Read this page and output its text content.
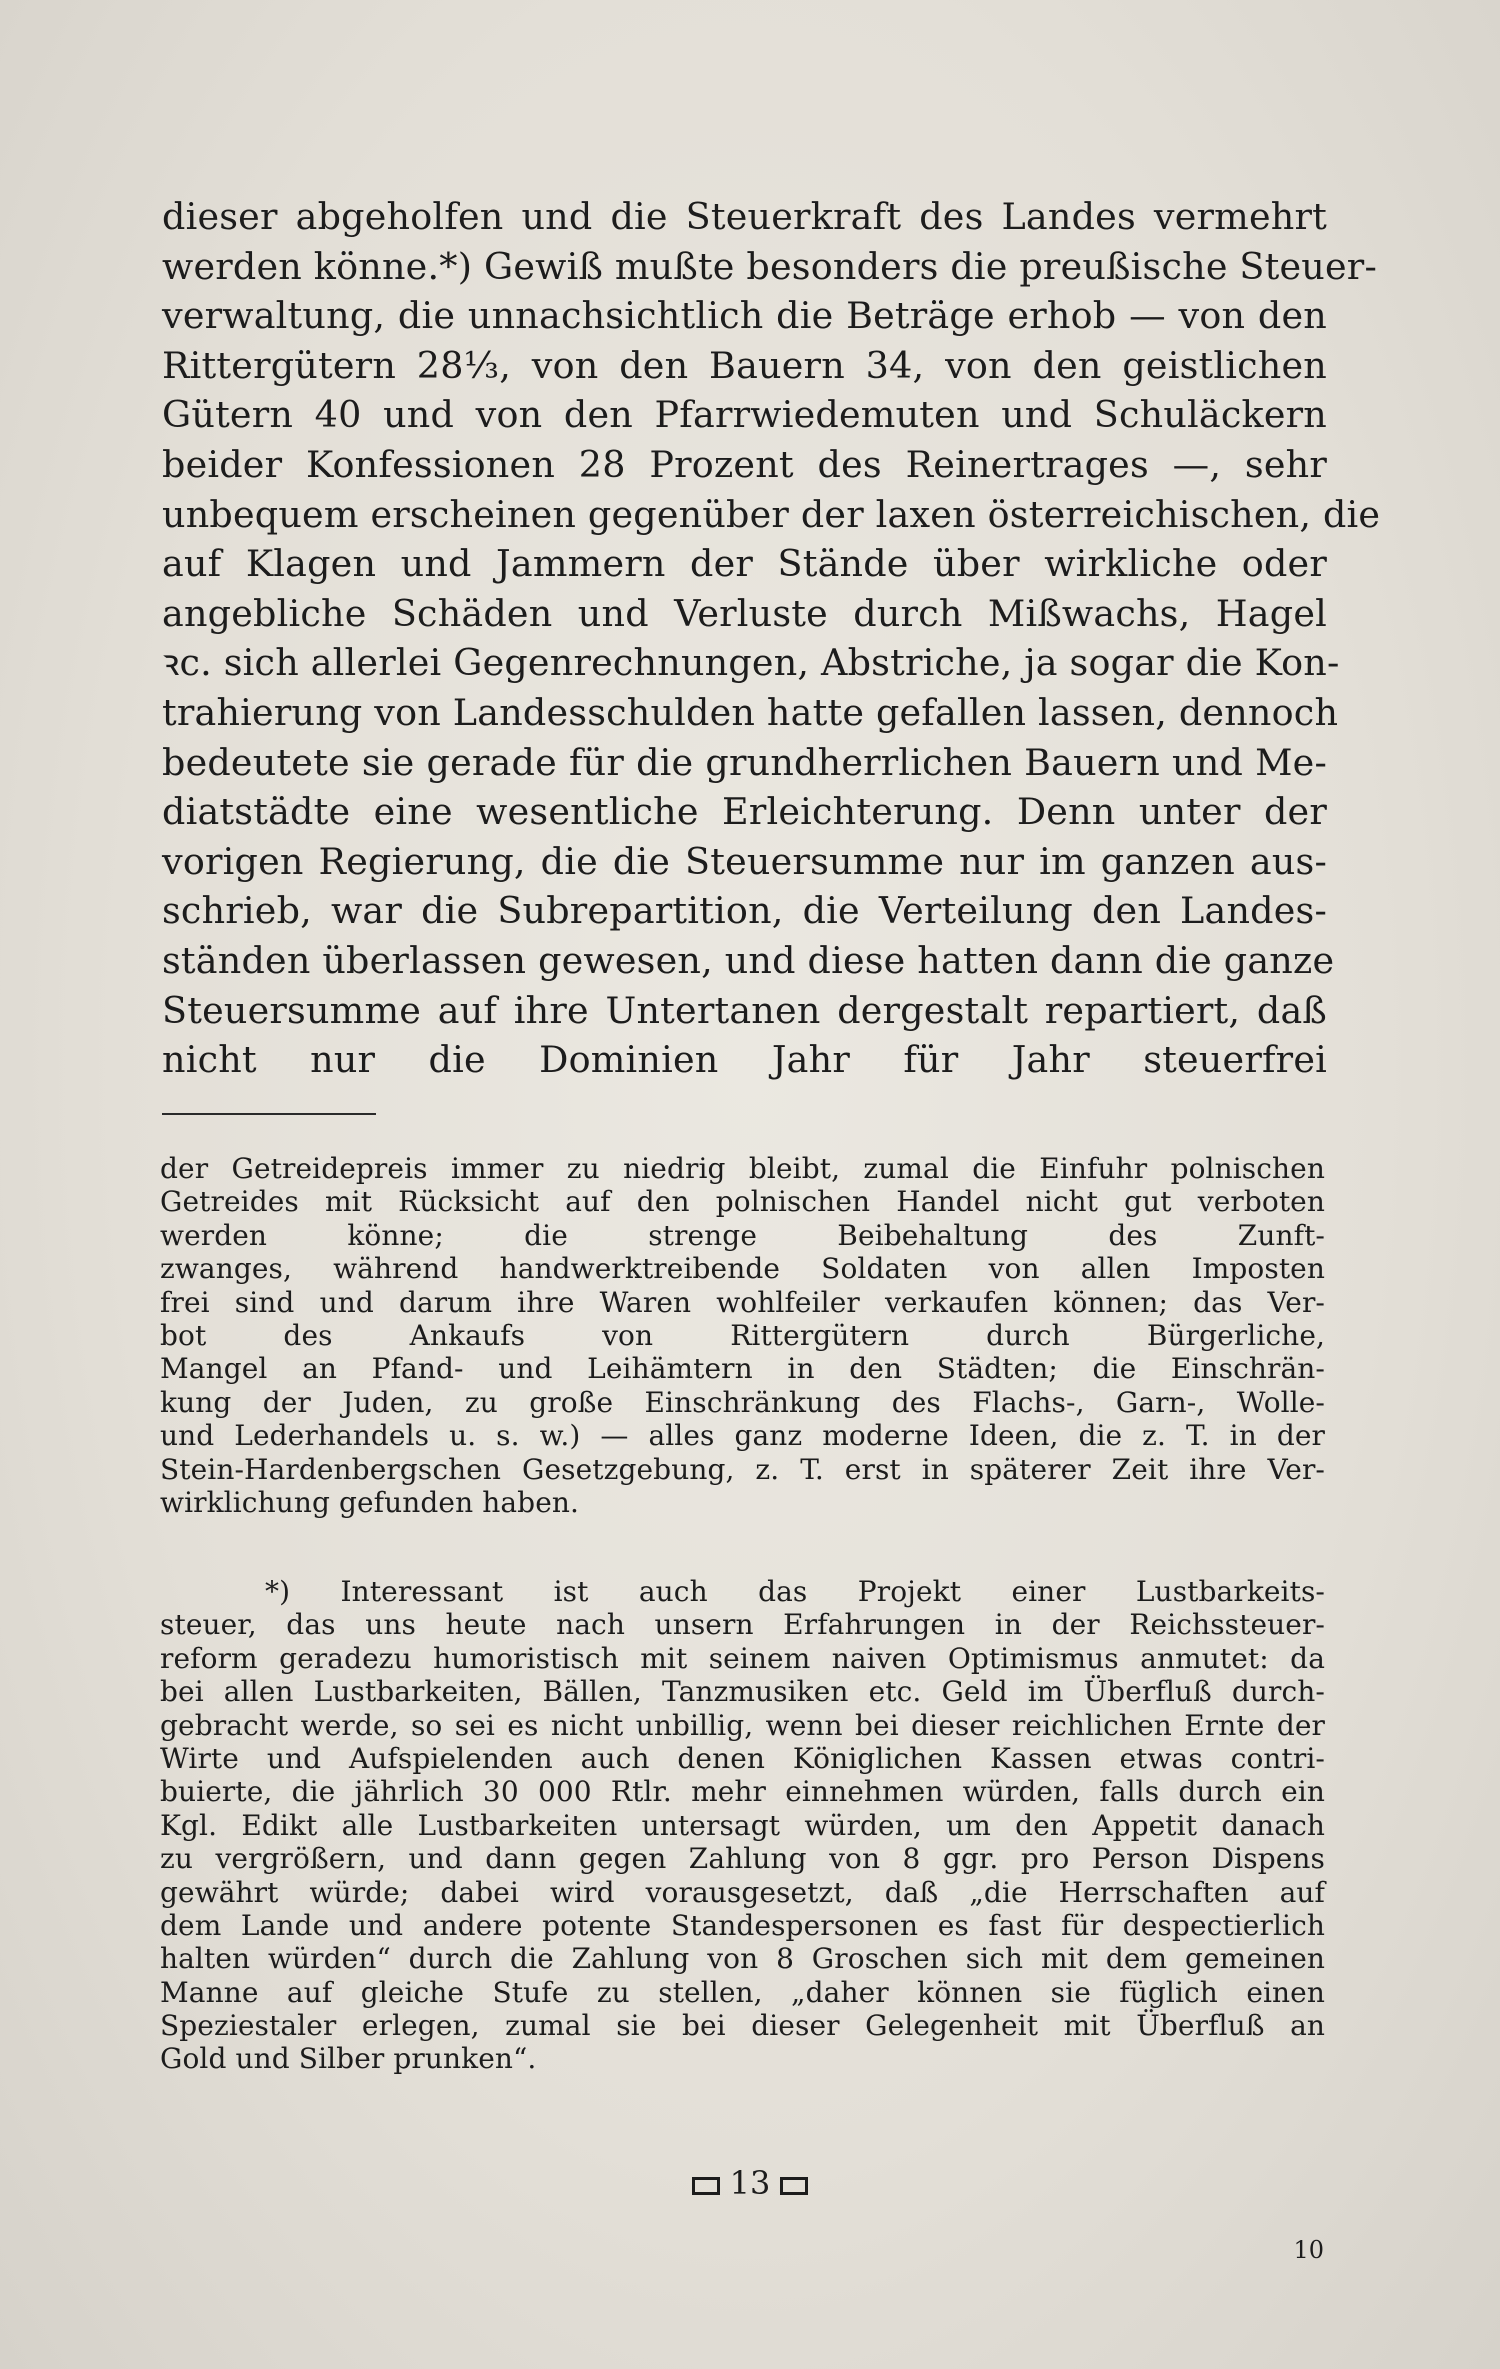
dieser abgeholfen und die Steuerkraft des Landes vermehrt
werden könne.*) Gewiß mußte besonders die preußische Steuer-
verwaltung, die unnachsichtlich die Beträge erhob — von den
Rittergütern 28⅓, von den Bauern 34, von den geistlichen
Gütern 40 und von den Pfarrwiedemuten und Schuläckern
beider Konfessionen 28 Prozent des Reinertrages —, sehr
unbequem erscheinen gegenüber der laxen österreichischen, die
auf Klagen und Jammern der Stände über wirkliche oder
angebliche Schäden und Verluste durch Mißwachs, Hagel
ꝛc. sich allerlei Gegenrechnungen, Abstriche, ja sogar die Kon-
trahierung von Landesschulden hatte gefallen lassen, dennoch
bedeutete sie gerade für die grundherrlichen Bauern und Me-
diatstädte eine wesentliche Erleichterung. Denn unter der
vorigen Regierung, die die Steuersumme nur im ganzen aus-
schrieb, war die Subrepartition, die Verteilung den Landes-
ständen überlassen gewesen, und diese hatten dann die ganze
Steuersumme auf ihre Untertanen dergestalt repartiert, daß
nicht nur die Dominien Jahr für Jahr steuerfrei
der Getreidepreis immer zu niedrig bleibt, zumal die Einfuhr polnischen
Getreides mit Rücksicht auf den polnischen Handel nicht gut verboten
werden könne; die strenge Beibehaltung des Zunft-
zwanges, während handwerktreibende Soldaten von allen Imposten
frei sind und darum ihre Waren wohlfeiler verkaufen können; das Ver-
bot des Ankaufs von Rittergütern durch Bürgerliche,
Mangel an Pfand- und Leihämtern in den Städten; die Einschrän-
kung der Juden, zu große Einschränkung des Flachs-, Garn-, Wolle-
und Lederhandels u. s. w.) — alles ganz moderne Ideen, die z. T. in der
Stein-Hardenbergschen Gesetzgebung, z. T. erst in späterer Zeit ihre Ver-
wirklichung gefunden haben.
*) Interessant ist auch das Projekt einer Lustbarkeits-
steuer, das uns heute nach unsern Erfahrungen in der Reichssteuer-
reform geradezu humoristisch mit seinem naiven Optimismus anmutet: da
bei allen Lustbarkeiten, Bällen, Tanzmusiken etc. Geld im Überfluß durch-
gebracht werde, so sei es nicht unbillig, wenn bei dieser reichlichen Ernte der
Wirte und Aufspielenden auch denen Königlichen Kassen etwas contri-
buierte, die jährlich 30 000 Rtlr. mehr einnehmen würden, falls durch ein
Kgl. Edikt alle Lustbarkeiten untersagt würden, um den Appetit danach
zu vergrößern, und dann gegen Zahlung von 8 ggr. pro Person Dispens
gewährt würde; dabei wird vorausgesetzt, daß „die Herrschaften auf
dem Lande und andere potente Standespersonen es fast für despectierlich
halten würden“ durch die Zahlung von 8 Groschen sich mit dem gemeinen
Manne auf gleiche Stufe zu stellen, „daher können sie füglich einen
Speziestaler erlegen, zumal sie bei dieser Gelegenheit mit Überfluß an
Gold und Silber prunken“.
13
10
